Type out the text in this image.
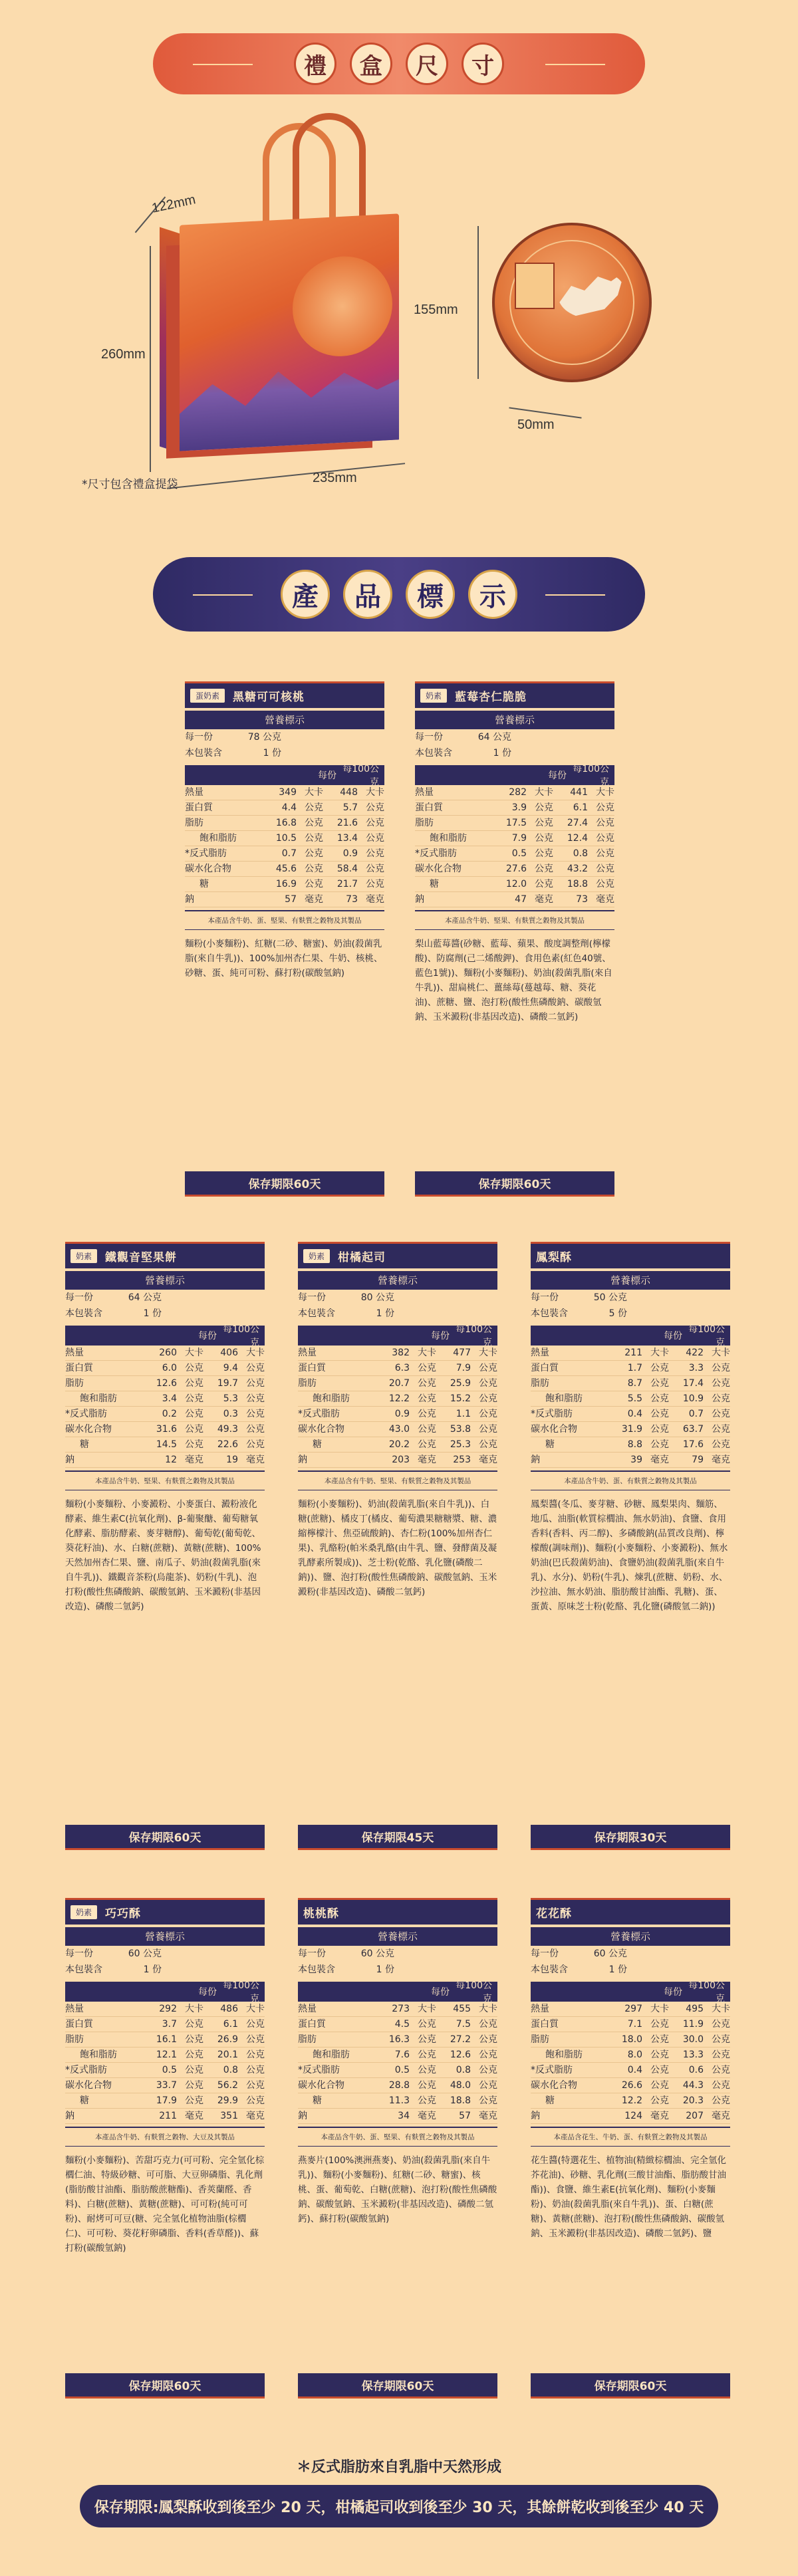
禮	盒	尺	寸
122mm
260mm
235mm
*尺寸包含禮盒提袋
155mm
50mm
產	品	標	示
蛋奶素	黑糖可可核桃
營養標示
每一份	78 公克
本包裝含	1 份
每份
每100公克
熱量	349 大卡	448 大卡
蛋白質	4.4 公克	5.7 公克
脂肪	16.8 公克	21.6 公克
飽和脂肪	10.5 公克	13.4 公克
*反式脂肪	0.7 公克	0.9 公克
碳水化合物	45.6 公克	58.4 公克
糖	16.9 公克	21.7 公克
鈉	57 毫克	73 毫克
本產品含牛奶、蛋、堅果、有麩質之穀物及其製品
麵粉(小麥麵粉)、紅糖(二砂、糖蜜)、奶油(殺菌乳脂(來自牛乳))、100%加州杏仁果、牛奶、核桃、砂糖、蛋、純可可粉、蘇打粉(碳酸氫鈉)
保存期限60天
奶素	藍莓杏仁脆脆
營養標示
每一份	64 公克
本包裝含	1 份
每份
每100公克
熱量	282 大卡	441 大卡
蛋白質	3.9 公克	6.1 公克
脂肪	17.5 公克	27.4 公克
飽和脂肪	7.9 公克	12.4 公克
*反式脂肪	0.5 公克	0.8 公克
碳水化合物	27.6 公克	43.2 公克
糖	12.0 公克	18.8 公克
鈉	47 毫克	73 毫克
本產品含牛奶、堅果、有麩質之穀物及其製品
梨山藍莓醬(砂糖、藍莓、蘋果、酸度調整劑(檸檬酸)、防腐劑(己二烯酸鉀)、食用色素(紅色40號、藍色1號))、麵粉(小麥麵粉)、奶油(殺菌乳脂(來自牛乳))、甜扁桃仁、薑絲莓(蔓越莓、糖、葵花油)、蔗糖、鹽、泡打粉(酸性焦磷酸鈉、碳酸氫鈉、玉米澱粉(非基因改造)、磷酸二氫鈣)
保存期限60天
奶素	鐵觀音堅果餅
營養標示
每一份	64 公克
本包裝含	1 份
每份
每100公克
熱量	260 大卡	406 大卡
蛋白質	6.0 公克	9.4 公克
脂肪	12.6 公克	19.7 公克
飽和脂肪	3.4 公克	5.3 公克
*反式脂肪	0.2 公克	0.3 公克
碳水化合物	31.6 公克	49.3 公克
糖	14.5 公克	22.6 公克
鈉	12 毫克	19 毫克
本產品含牛奶、堅果、有麩質之穀物及其製品
麵粉(小麥麵粉、小麥澱粉、小麥蛋白、澱粉液化酵素、維生素C(抗氧化劑)、β-葡聚醣、葡萄糖氧化酵素、脂肪酵素、麥芽糖醇)、葡萄乾(葡萄乾、葵花籽油)、水、白糖(蔗糖)、黃糖(蔗糖)、100%天然加州杏仁果、鹽、南瓜子、奶油(殺菌乳脂(來自牛乳))、鐵觀音茶粉(烏龍茶)、奶粉(牛乳)、泡打粉(酸性焦磷酸鈉、碳酸氫鈉、玉米澱粉(非基因改造)、磷酸二氫鈣)
保存期限60天
奶素	柑橘起司
營養標示
每一份	80 公克
本包裝含	1 份
每份
每100公克
熱量	382 大卡	477 大卡
蛋白質	6.3 公克	7.9 公克
脂肪	20.7 公克	25.9 公克
飽和脂肪	12.2 公克	15.2 公克
*反式脂肪	0.9 公克	1.1 公克
碳水化合物	43.0 公克	53.8 公克
糖	20.2 公克	25.3 公克
鈉	203 毫克	253 毫克
本產品含有牛奶、堅果、有麩質之穀物及其製品
麵粉(小麥麵粉)、奶油(殺菌乳脂(來自牛乳))、白糖(蔗糖)、橘皮丁(橘皮、葡萄濃果糖糖漿、糖、濃縮檸檬汁、焦亞硫酸鈉)、杏仁粉(100%加州杏仁果)、乳酪粉(帕米桑乳酪(由牛乳、鹽、發酵菌及凝乳酵素所製成))、芝士粉(乾酪、乳化鹽(磷酸二鈉))、鹽、泡打粉(酸性焦磷酸鈉、碳酸氫鈉、玉米澱粉(非基因改造)、磷酸二氫鈣)
保存期限45天
鳳梨酥
營養標示
每一份	50 公克
本包裝含	5 份
每份
每100公克
熱量	211 大卡	422 大卡
蛋白質	1.7 公克	3.3 公克
脂肪	8.7 公克	17.4 公克
飽和脂肪	5.5 公克	10.9 公克
*反式脂肪	0.4 公克	0.7 公克
碳水化合物	31.9 公克	63.7 公克
糖	8.8 公克	17.6 公克
鈉	39 毫克	79 毫克
本產品含牛奶、蛋、有麩質之穀物及其製品
鳳梨醬(冬瓜、麥芽糖、砂糖、鳳梨果肉、麵筋、地瓜、油脂(軟質棕櫚油、無水奶油)、食鹽、食用香料(香料、丙二醇)、多磷酸鈉(品質改良劑)、檸檬酸(調味劑))、麵粉(小麥麵粉、小麥澱粉)、無水奶油(巴氏殺菌奶油)、食鹽奶油(殺菌乳脂(來自牛乳)、水分)、奶粉(牛乳)、煉乳(蔗糖、奶粉、水、沙拉油、無水奶油、脂肪酸甘油酯、乳糖)、蛋、蛋黃、原味芝士粉(乾酪、乳化鹽(磷酸氫二鈉))
保存期限30天
奶素	巧巧酥
營養標示
每一份	60 公克
本包裝含	1 份
每份
每100公克
熱量	292 大卡	486 大卡
蛋白質	3.7 公克	6.1 公克
脂肪	16.1 公克	26.9 公克
飽和脂肪	12.1 公克	20.1 公克
*反式脂肪	0.5 公克	0.8 公克
碳水化合物	33.7 公克	56.2 公克
糖	17.9 公克	29.9 公克
鈉	211 毫克	351 毫克
本產品含牛奶、有麩質之穀物、大豆及其製品
麵粉(小麥麵粉)、苦甜巧克力(可可粉、完全氫化棕櫚仁油、特級砂糖、可可脂、大豆卵磷脂、乳化劑(脂肪酸甘油酯、脂肪酸蔗糖酯)、香莢蘭醛、香料)、白糖(蔗糖)、黃糖(蔗糖)、可可粉(純可可粉)、耐烤可可豆(糖、完全氫化植物油脂(棕櫚仁)、可可粉、葵花籽卵磷脂、香料(香草醛))、蘇打粉(碳酸氫鈉)
保存期限60天
桃桃酥
營養標示
每一份	60 公克
本包裝含	1 份
每份
每100公克
熱量	273 大卡	455 大卡
蛋白質	4.5 公克	7.5 公克
脂肪	16.3 公克	27.2 公克
飽和脂肪	7.6 公克	12.6 公克
*反式脂肪	0.5 公克	0.8 公克
碳水化合物	28.8 公克	48.0 公克
糖	11.3 公克	18.8 公克
鈉	34 毫克	57 毫克
本產品含牛奶、蛋、堅果、有麩質之穀物及其製品
燕麥片(100%澳洲燕麥)、奶油(殺菌乳脂(來自牛乳))、麵粉(小麥麵粉)、紅糖(二砂、糖蜜)、核桃、蛋、葡萄乾、白糖(蔗糖)、泡打粉(酸性焦磷酸鈉、碳酸氫鈉、玉米澱粉(非基因改造)、磷酸二氫鈣)、蘇打粉(碳酸氫鈉)
保存期限60天
花花酥
營養標示
每一份	60 公克
本包裝含	1 份
每份
每100公克
熱量	297 大卡	495 大卡
蛋白質	7.1 公克	11.9 公克
脂肪	18.0 公克	30.0 公克
飽和脂肪	8.0 公克	13.3 公克
*反式脂肪	0.4 公克	0.6 公克
碳水化合物	26.6 公克	44.3 公克
糖	12.2 公克	20.3 公克
鈉	124 毫克	207 毫克
本產品含花生、牛奶、蛋、有麩質之穀物及其製品
花生醬(特選花生、植物油(精緻棕櫚油、完全氫化芥花油)、砂糖、乳化劑(三酸甘油酯、脂肪酸甘油酯))、食鹽、維生素E(抗氧化劑)、麵粉(小麥麵粉)、奶油(殺菌乳脂(來自牛乳))、蛋、白糖(蔗糖)、黃糖(蔗糖)、泡打粉(酸性焦磷酸鈉、碳酸氫鈉、玉米澱粉(非基因改造)、磷酸二氫鈣)、鹽
保存期限60天
＊反式脂肪來自乳脂中天然形成
保存期限:鳳梨酥收到後至少 20 天，柑橘起司收到後至少 30 天，其餘餅乾收到後至少 40 天
